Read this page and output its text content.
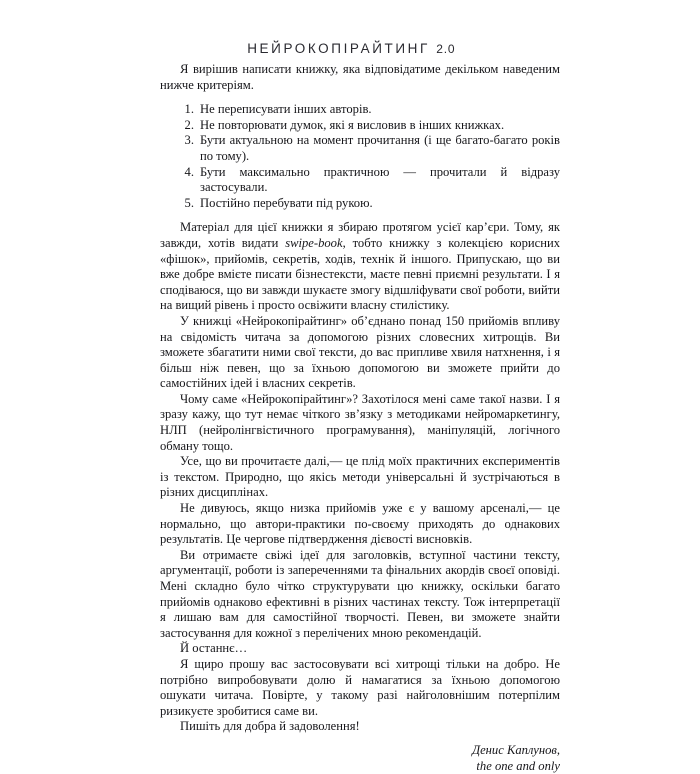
НЕЙРОКОПІРАЙТИНГ 2.0

Я вирішив написати книжку, яка відповідатиме декільком наведеним нижче критеріям.

Не переписувати інших авторів.
Не повторювати думок, які я висловив в інших книжках.
Бути актуальною на момент прочитання (і ще багато-багато років по тому).
Бути максимально практичною — прочитали й відразу застосували.
Постійно перебувати під рукою.

Матеріал для цієї книжки я збираю протягом усієї кар’єри. Тому, як завжди, хотів видати swipe-book, тобто книжку з колекцією корисних «фішок», прийомів, секретів, ходів, технік й іншого. Припускаю, що ви вже добре вмієте писати бізнестексти, маєте певні приємні результати. І я сподіваюся, що ви завжди шукаєте змогу відшліфувати свої роботи, вийти на вищий рівень і просто освіжити власну стилістику.

У книжці «Нейрокопірайтинг» об’єднано понад 150 прийомів впливу на свідомість читача за допомогою різних словесних хитрощів. Ви зможете збагатити ними свої тексти, до вас припливе хвиля натхнення, і я більш ніж певен, що за їхньою допомогою ви зможете прийти до самостійних ідей і власних секретів.

Чому саме «Нейрокопірайтинг»? Захотілося мені саме такої назви. І я зразу кажу, що тут немає чіткого зв’язку з методиками нейромаркетингу, НЛП (нейролінгвістичного програмування), маніпуляцій, логічного обману тощо.

Усе, що ви прочитаєте далі,— це плід моїх практичних експериментів із текстом. Природно, що якісь методи універсальні й зустрічаються в різних дисциплінах.

Не дивуюсь, якщо низка прийомів уже є у вашому арсеналі,— це нормально, що автори-практики по-своєму приходять до однакових результатів. Це чергове підтвердження дієвості висновків.

Ви отримаєте свіжі ідеї для заголовків, вступної частини тексту, аргументації, роботи із запереченнями та фінальних акордів своєї оповіді. Мені складно було чітко структурувати цю книжку, оскільки багато прийомів однаково ефективні в різних частинах тексту. Тож інтерпретації я лишаю вам для самостійної творчості. Певен, ви зможете знайти застосування для кожної з перелічених мною рекомендацій.

Й останнє…

Я щиро прошу вас застосовувати всі хитрощі тільки на добро. Не потрібно випробовувати долю й намагатися за їхньою допомогою ошукати читача. Повірте, у такому разі найголовнішим потерпілим ризикуєте зробитися саме ви.

Пишіть для добра й задоволення!

Денис Каплунов,
the one and only
